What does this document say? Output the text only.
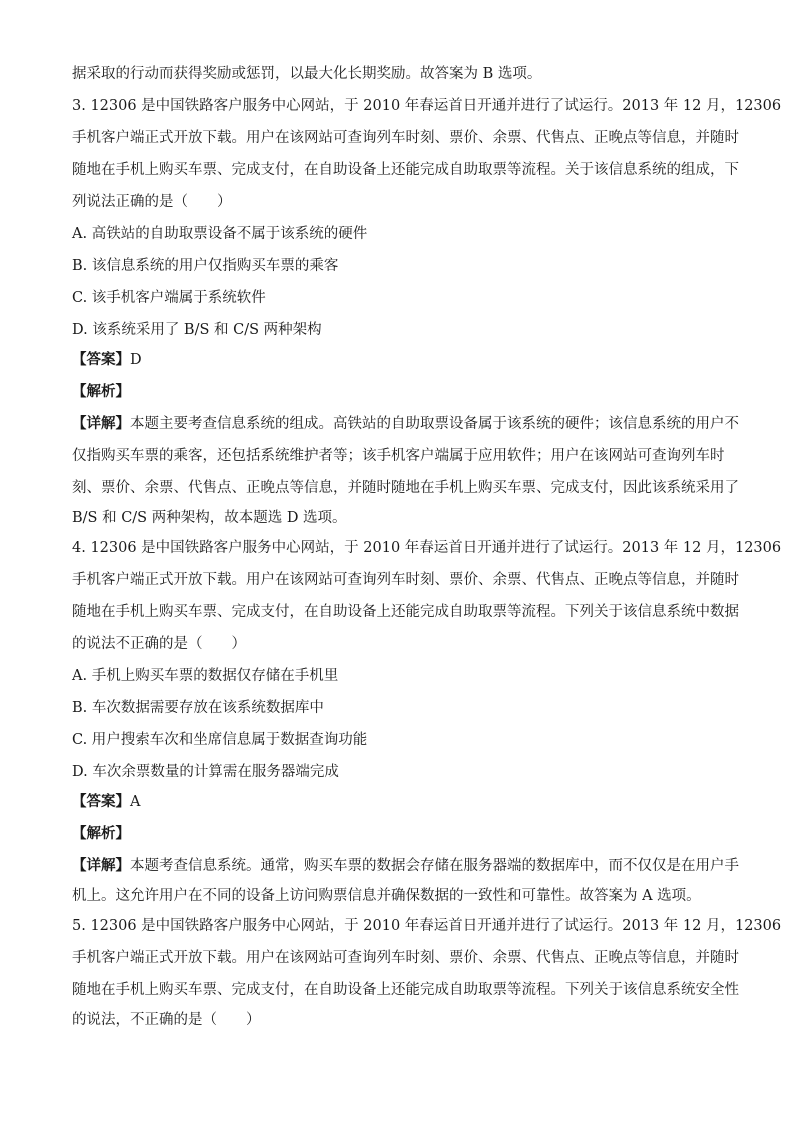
据采取的行动而获得奖励或惩罚，以最大化长期奖励。故答案为 B 选项。
3. 12306 是中国铁路客户服务中心网站，于 2010 年春运首日开通并进行了试运行。2013 年 12 月，12306
手机客户端正式开放下载。用户在该网站可查询列车时刻、票价、余票、代售点、正晚点等信息，并随时
随地在手机上购买车票、完成支付，在自助设备上还能完成自助取票等流程。关于该信息系统的组成，下
列说法正确的是（　　）
A. 高铁站的自助取票设备不属于该系统的硬件
B. 该信息系统的用户仅指购买车票的乘客
C. 该手机客户端属于系统软件
D. 该系统采用了 B/S 和 C/S 两种架构
【答案】D
【解析】
【详解】本题主要考查信息系统的组成。高铁站的自助取票设备属于该系统的硬件；该信息系统的用户不
仅指购买车票的乘客，还包括系统维护者等；该手机客户端属于应用软件；用户在该网站可查询列车时
刻、票价、余票、代售点、正晚点等信息，并随时随地在手机上购买车票、完成支付，因此该系统采用了
B/S 和 C/S 两种架构，故本题选 D 选项。
4. 12306 是中国铁路客户服务中心网站，于 2010 年春运首日开通并进行了试运行。2013 年 12 月，12306
手机客户端正式开放下载。用户在该网站可查询列车时刻、票价、余票、代售点、正晚点等信息，并随时
随地在手机上购买车票、完成支付，在自助设备上还能完成自助取票等流程。下列关于该信息系统中数据
的说法不正确的是（　　）
A. 手机上购买车票的数据仅存储在手机里
B. 车次数据需要存放在该系统数据库中
C. 用户搜索车次和坐席信息属于数据查询功能
D. 车次余票数量的计算需在服务器端完成
【答案】A
【解析】
【详解】本题考查信息系统。通常，购买车票的数据会存储在服务器端的数据库中，而不仅仅是在用户手
机上。这允许用户在不同的设备上访问购票信息并确保数据的一致性和可靠性。故答案为 A 选项。
5. 12306 是中国铁路客户服务中心网站，于 2010 年春运首日开通并进行了试运行。2013 年 12 月，12306
手机客户端正式开放下载。用户在该网站可查询列车时刻、票价、余票、代售点、正晚点等信息，并随时
随地在手机上购买车票、完成支付，在自助设备上还能完成自助取票等流程。下列关于该信息系统安全性
的说法，不正确的是（　　）
